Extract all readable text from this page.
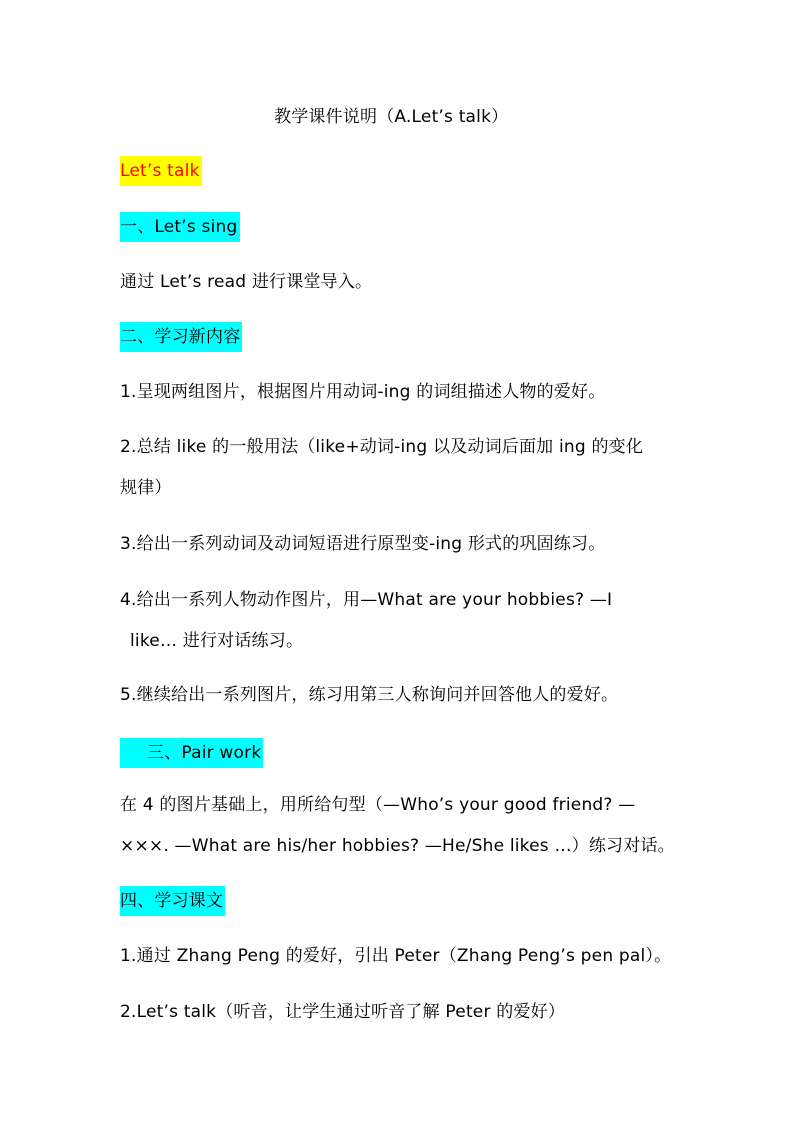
教学课件说明（A.Let’s talk）
Let’s talk
一、Let’s sing
通过 Let’s read 进行课堂导入。
二、学习新内容
1.呈现两组图片，根据图片用动词-ing 的词组描述人物的爱好。
2.总结 like 的一般用法（like+动词-ing 以及动词后面加 ing 的变化
规律）
3.给出一系列动词及动词短语进行原型变-ing 形式的巩固练习。
4.给出一系列人物动作图片，用—What are your hobbies? —I
like… 进行对话练习。
5.继续给出一系列图片，练习用第三人称询问并回答他人的爱好。
三、Pair work
在 4 的图片基础上，用所给句型（—Who’s your good friend? —
×××. —What are his/her hobbies? —He/She likes …）练习对话。
四、学习课文
1.通过 Zhang Peng 的爱好，引出 Peter（Zhang Peng’s pen pal）。
2.Let’s talk（听音，让学生通过听音了解 Peter 的爱好）
